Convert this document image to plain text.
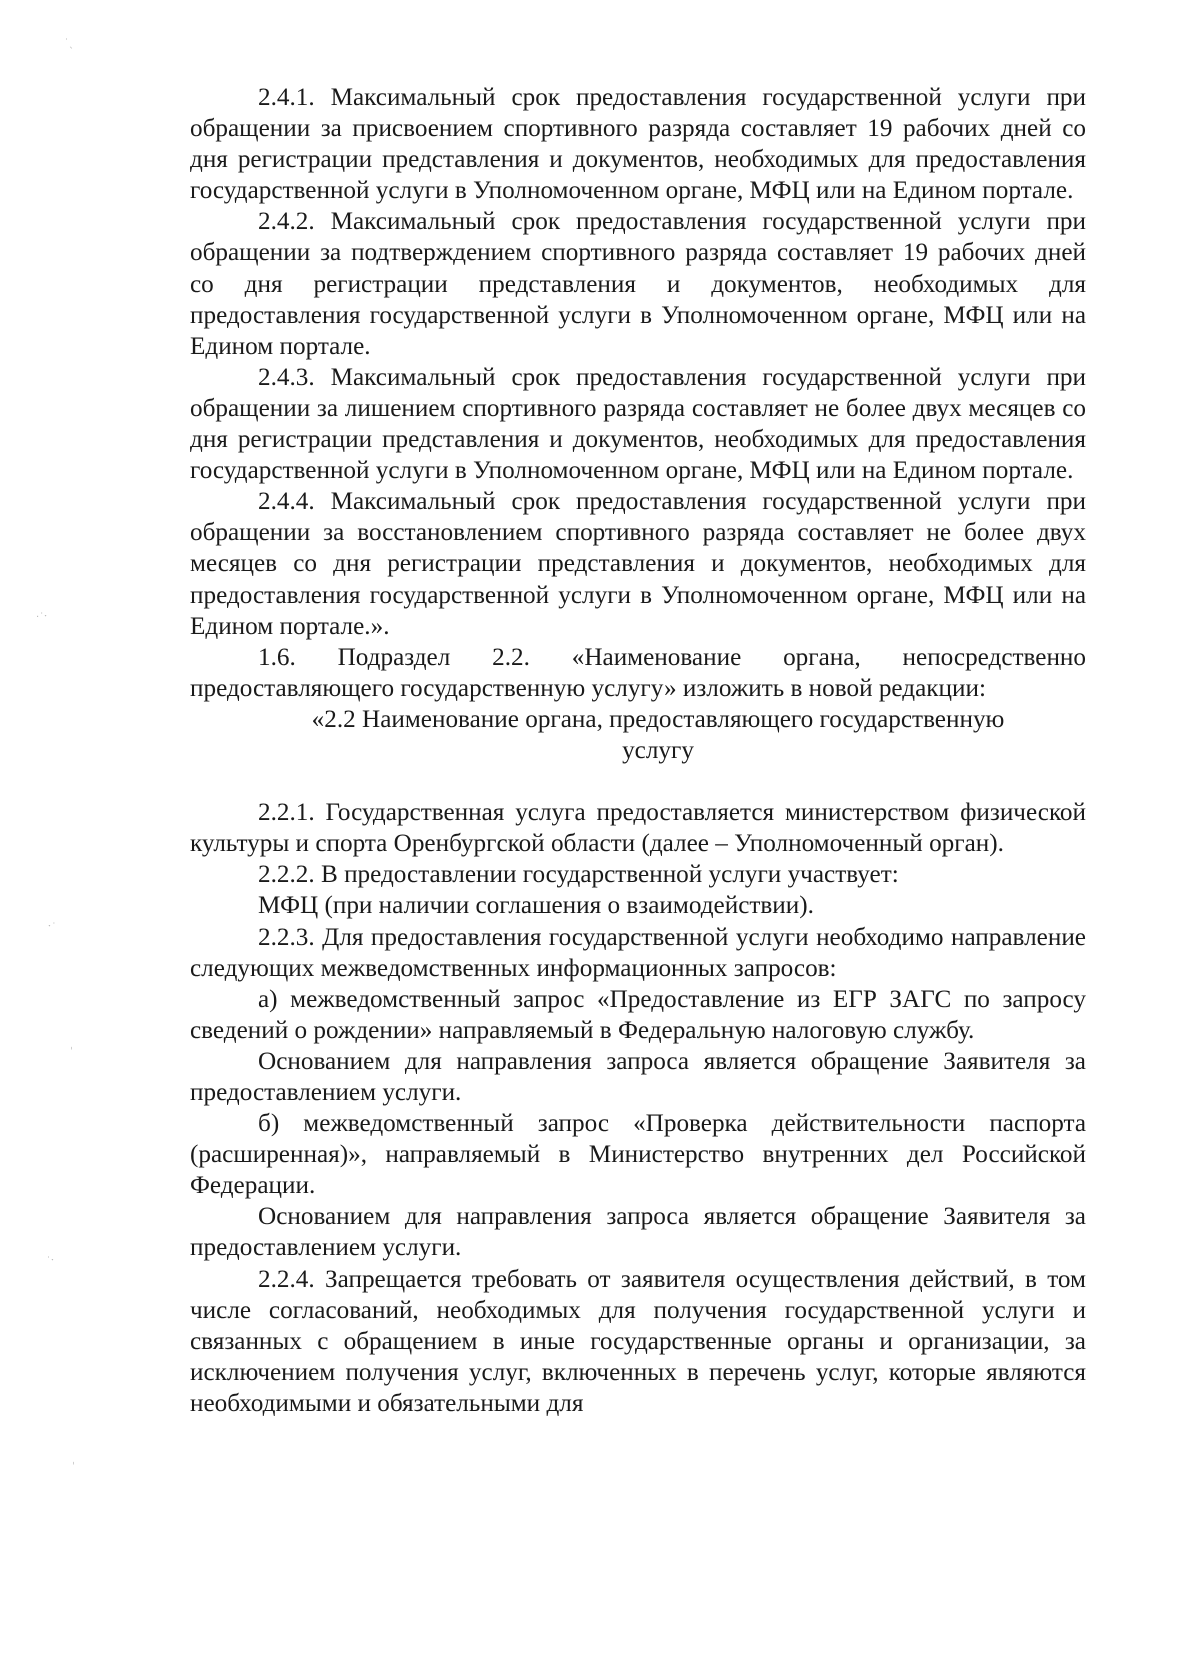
˙ˎ
·˙ˑ
ˑ˙
ˌ
˙ˑ
ˌ

2.4.1. Максимальный срок предоставления государственной услуги при обращении за присвоением спортивного разряда составляет 19 рабочих дней со дня регистрации представления и документов, необходимых для предоставления государственной услуги в Уполномоченном органе, МФЦ или на Едином портале.

2.4.2. Максимальный срок предоставления государственной услуги при обращении за подтверждением спортивного разряда составляет 19 рабочих дней со дня регистрации представления и документов, необходимых для предоставления государственной услуги в Уполномоченном органе, МФЦ или на Едином портале.

2.4.3. Максимальный срок предоставления государственной услуги при обращении за лишением спортивного разряда составляет не более двух месяцев со дня регистрации представления и документов, необходимых для предоставления государственной услуги в Уполномоченном органе, МФЦ или на Едином портале.

2.4.4. Максимальный срок предоставления государственной услуги при обращении за восстановлением спортивного разряда составляет не более двух месяцев со дня регистрации представления и документов, необходимых для предоставления государственной услуги в Уполномоченном органе, МФЦ или на Едином портале.».

1.6. Подраздел 2.2. «Наименование органа, непосредственно предоставляющего государственную услугу» изложить в новой редакции:

«2.2 Наименование органа, предоставляющего государственную услугу

2.2.1. Государственная услуга предоставляется министерством физической культуры и спорта Оренбургской области (далее – Уполномоченный орган).

2.2.2. В предоставлении государственной услуги участвует:

МФЦ (при наличии соглашения о взаимодействии).

2.2.3. Для предоставления государственной услуги необходимо направление следующих межведомственных информационных запросов:

а) межведомственный запрос «Предоставление из ЕГР ЗАГС по запросу сведений о рождении» направляемый в Федеральную налоговую службу.

Основанием для направления запроса является обращение Заявителя за предоставлением услуги.

б) межведомственный запрос «Проверка действительности паспорта (расширенная)», направляемый в Министерство внутренних дел Российской Федерации.

Основанием для направления запроса является обращение Заявителя за предоставлением услуги.

2.2.4. Запрещается требовать от заявителя осуществления действий, в том числе согласований, необходимых для получения государственной услуги и связанных с обращением в иные государственные органы и организации, за исключением получения услуг, включенных в перечень услуг, которые являются необходимыми и обязательными для
